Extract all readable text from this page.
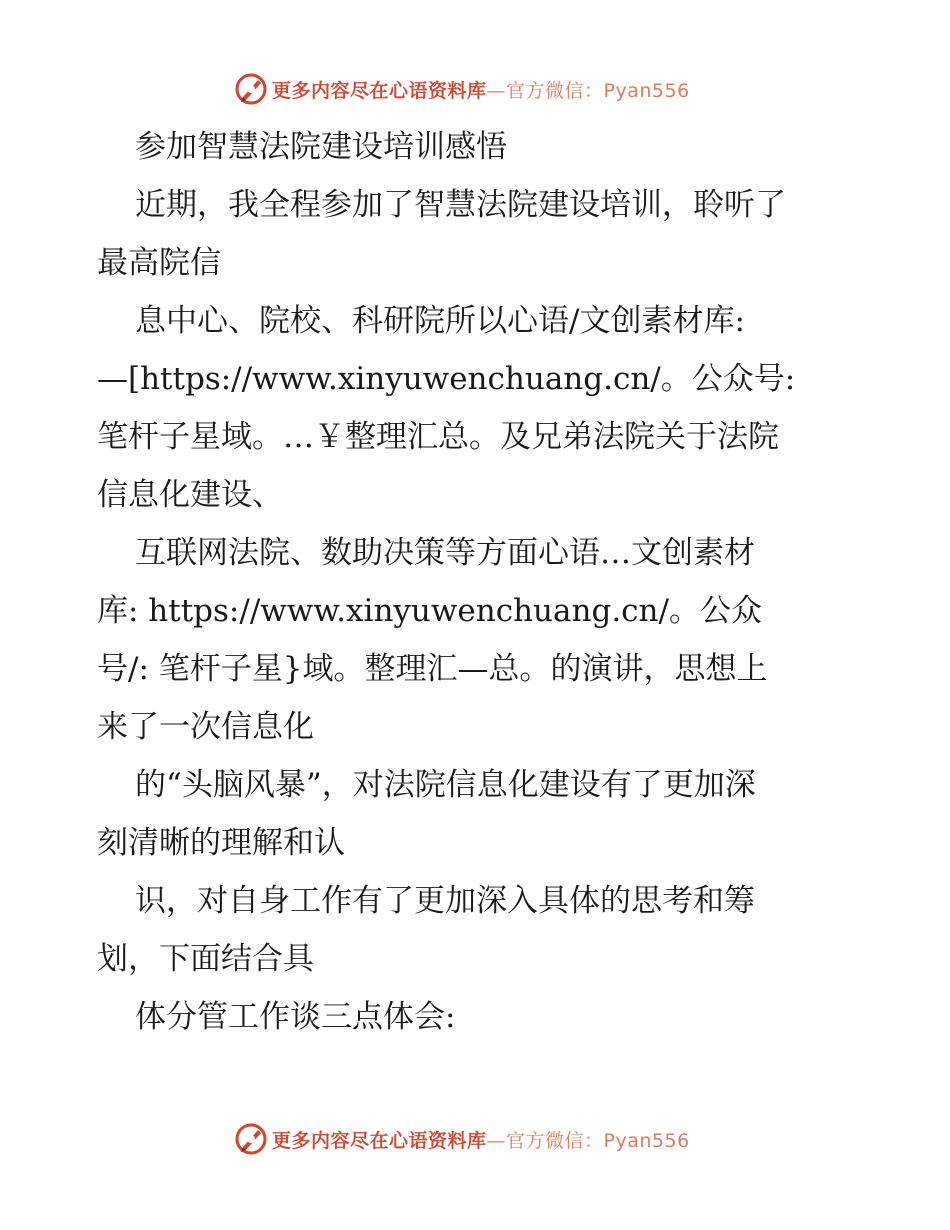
更多内容尽在心语资料库—官方微信：Pyan556

参加智慧法院建设培训感悟

近期，我全程参加了智慧法院建设培训，聆听了

最高院信

息中心、院校、科研院所以心语/文创素材库:

—[https://www.xinyuwenchuang.cn/。公众号:

笔杆子星域。…￥整理汇总。及兄弟法院关于法院

信息化建设、

互联网法院、数助决策等方面心语…文创素材

库: https://www.xinyuwenchuang.cn/。公众

号/: 笔杆子星}域。整理汇—总。的演讲，思想上

来了一次信息化

的“头脑风暴”，对法院信息化建设有了更加深

刻清晰的理解和认

识，对自身工作有了更加深入具体的思考和筹

划，下面结合具

体分管工作谈三点体会:

更多内容尽在心语资料库—官方微信：Pyan556
